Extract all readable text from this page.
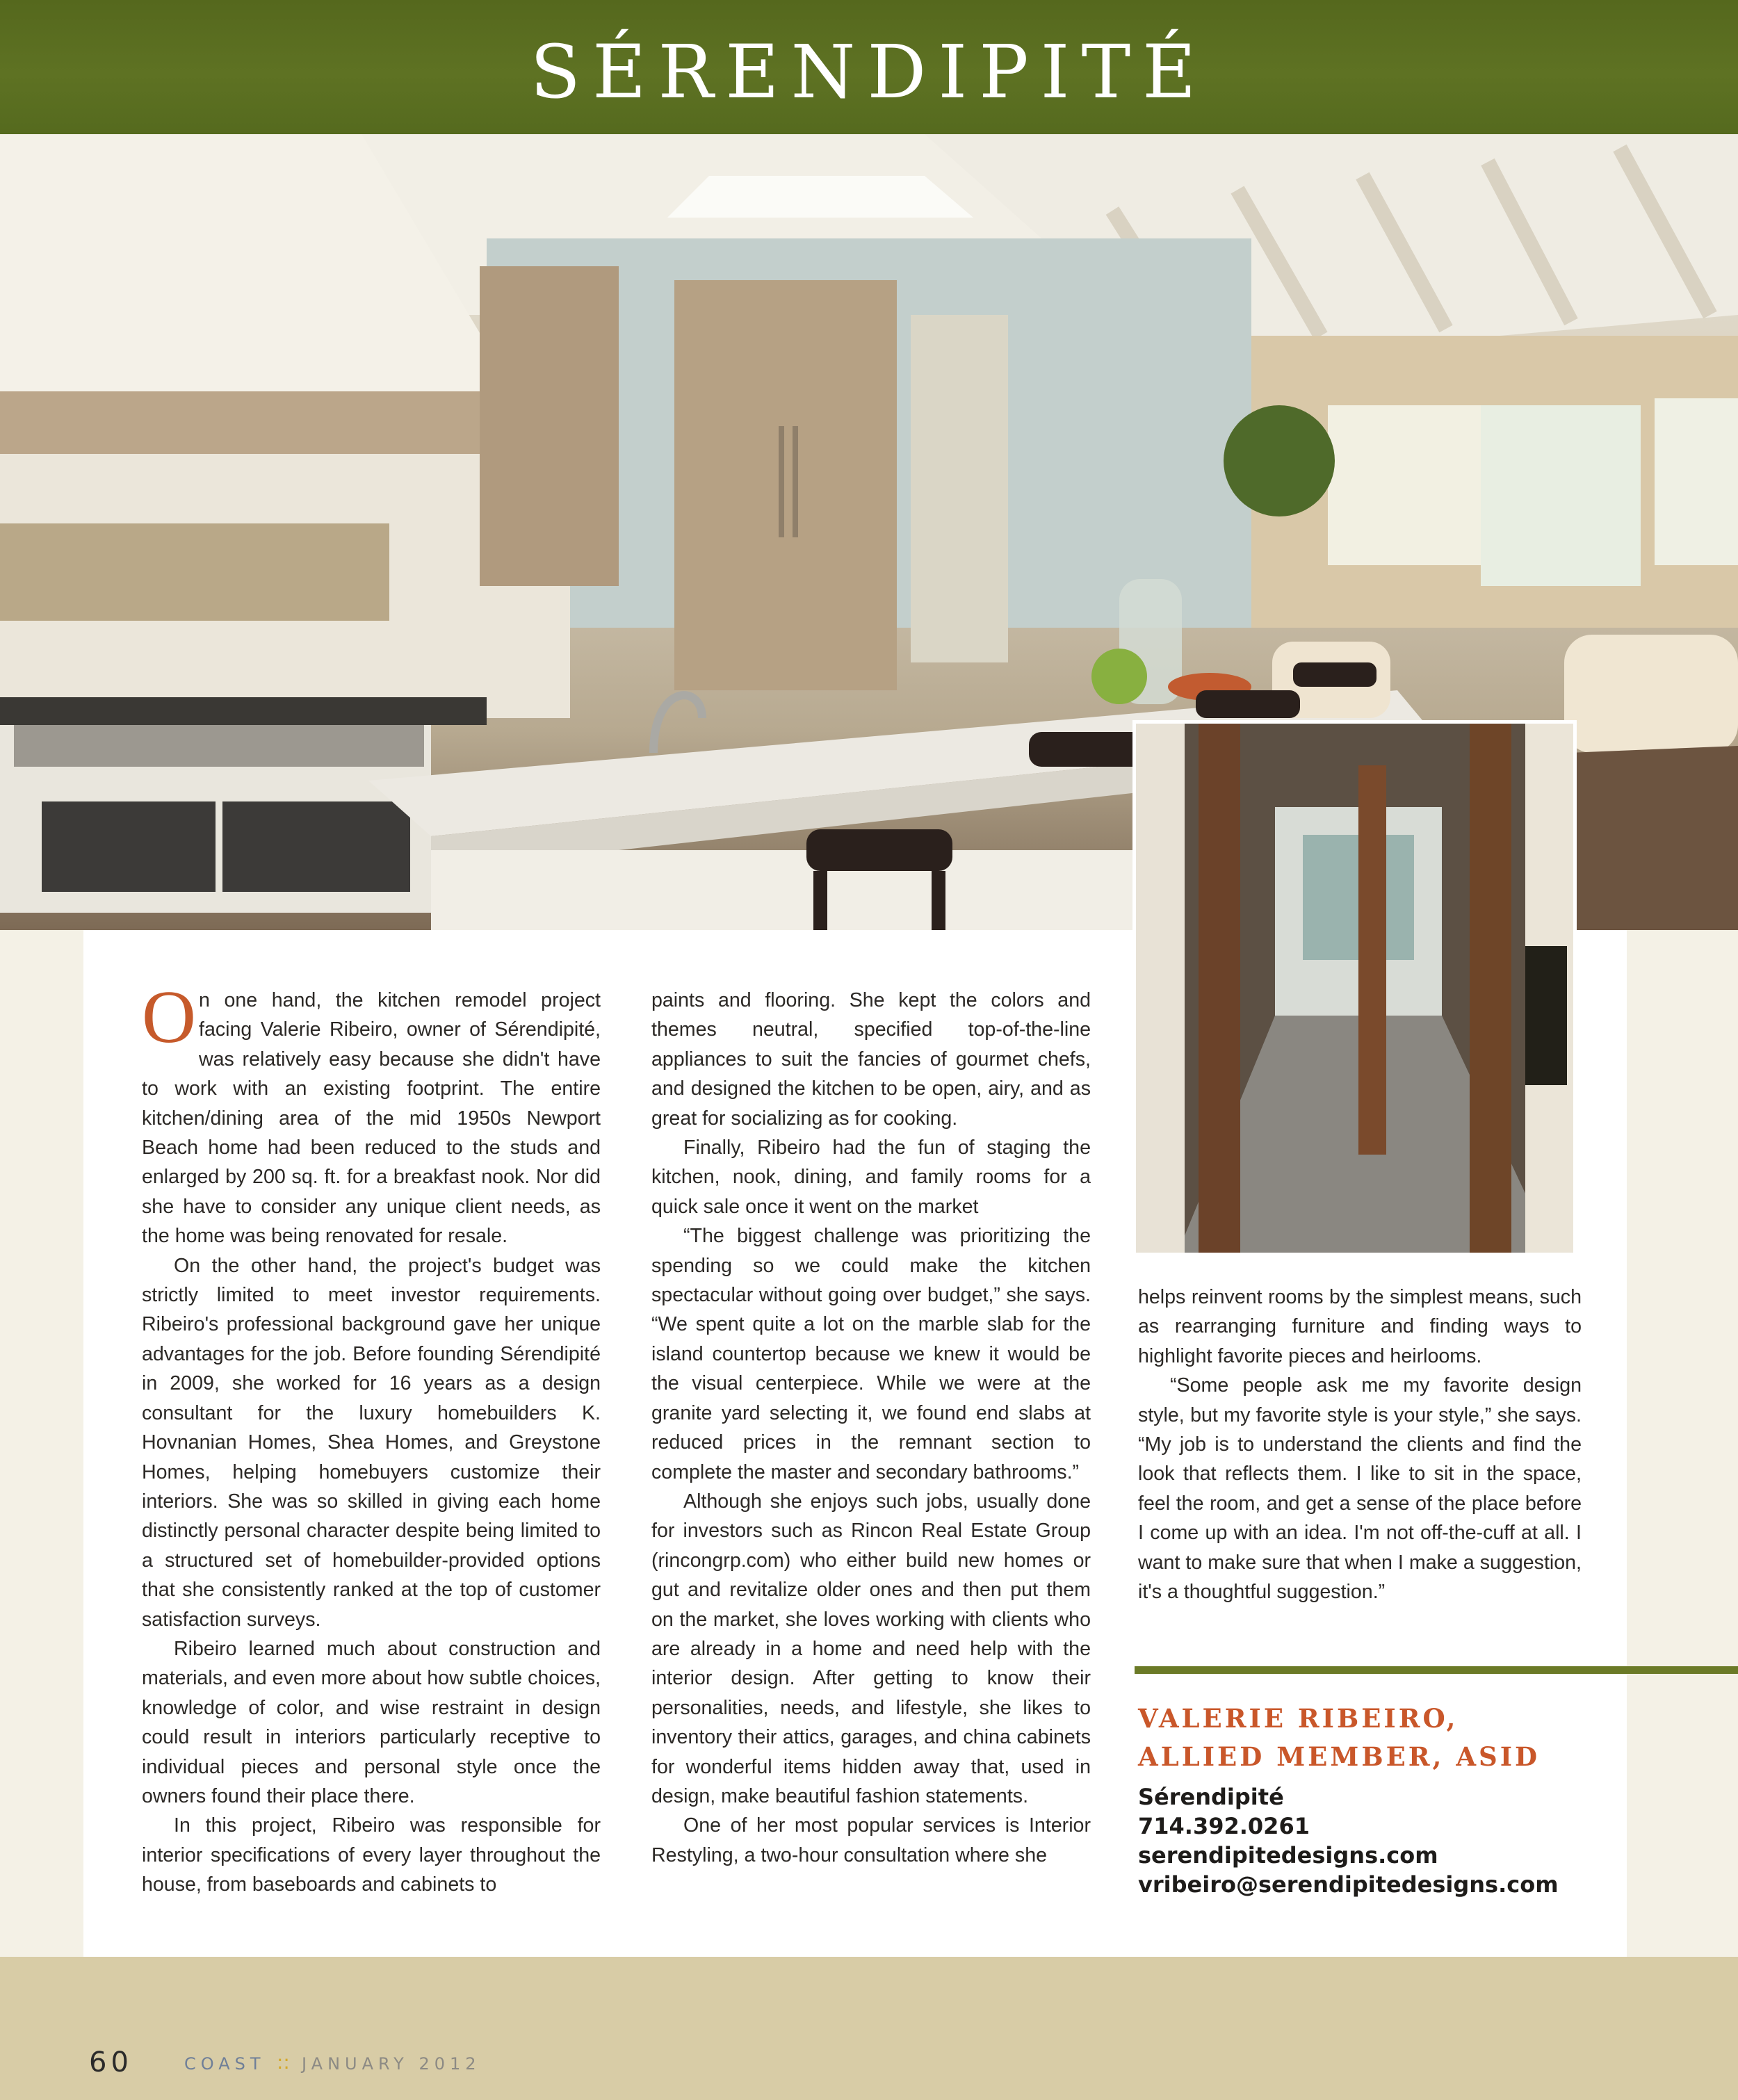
SÉRENDIPITÉ

On one hand, the kitchen remodel project facing Valerie Ribeiro, owner of Sérendipité, was relatively easy because she didn't have to work with an existing footprint. The entire kitchen/dining area of the mid 1950s Newport Beach home had been reduced to the studs and enlarged by 200 sq. ft. for a breakfast nook. Nor did she have to consider any unique client needs, as the home was being renovated for resale.

On the other hand, the project's budget was strictly limited to meet investor requirements. Ribeiro's professional background gave her unique advantages for the job. Before founding Sérendipité in 2009, she worked for 16 years as a design consultant for the luxury homebuilders K. Hovnanian Homes, Shea Homes, and Greystone Homes, helping homebuyers customize their interiors. She was so skilled in giving each home distinctly personal character despite being limited to a structured set of homebuilder-provided options that she consistently ranked at the top of customer satisfaction surveys.

Ribeiro learned much about construction and materials, and even more about how subtle choices, knowledge of color, and wise restraint in design could result in interiors particularly receptive to individual pieces and personal style once the owners found their place there.

In this project, Ribeiro was responsible for interior specifications of every layer throughout the house, from baseboards and cabinets to

paints and flooring. She kept the colors and themes neutral, specified top-of-the-line appliances to suit the fancies of gourmet chefs, and designed the kitchen to be open, airy, and as great for socializing as for cooking.

Finally, Ribeiro had the fun of staging the kitchen, nook, dining, and family rooms for a quick sale once it went on the market

“The biggest challenge was prioritizing the spending so we could make the kitchen spectacular without going over budget,” she says. “We spent quite a lot on the marble slab for the island countertop because we knew it would be the visual centerpiece. While we were at the granite yard selecting it, we found end slabs at reduced prices in the remnant section to complete the master and secondary bathrooms.”

Although she enjoys such jobs, usually done for investors such as Rincon Real Estate Group (rincongrp.com) who either build new homes or gut and revitalize older ones and then put them on the market, she loves working with clients who are already in a home and need help with the interior design. After getting to know their personalities, needs, and lifestyle, she likes to inventory their attics, garages, and china cabinets for wonderful items hidden away that, used in design, make beautiful fashion statements.

One of her most popular services is Interior Restyling, a two-hour consultation where she

helps reinvent rooms by the simplest means, such as rearranging furniture and finding ways to highlight favorite pieces and heirlooms.

“Some people ask me my favorite design style, but my favorite style is your style,” she says. “My job is to understand the clients and find the look that reflects them. I like to sit in the space, feel the room, and get a sense of the place before I come up with an idea. I'm not off-the-cuff at all. I want to make sure that when I make a suggestion, it's a thoughtful suggestion.”

VALERIE RIBEIRO,
ALLIED MEMBER, ASID
Sérendipité
714.392.0261
serendipitedesigns.com
vribeiro@serendipitedesigns.com
60	COAST :: JANUARY 2012
